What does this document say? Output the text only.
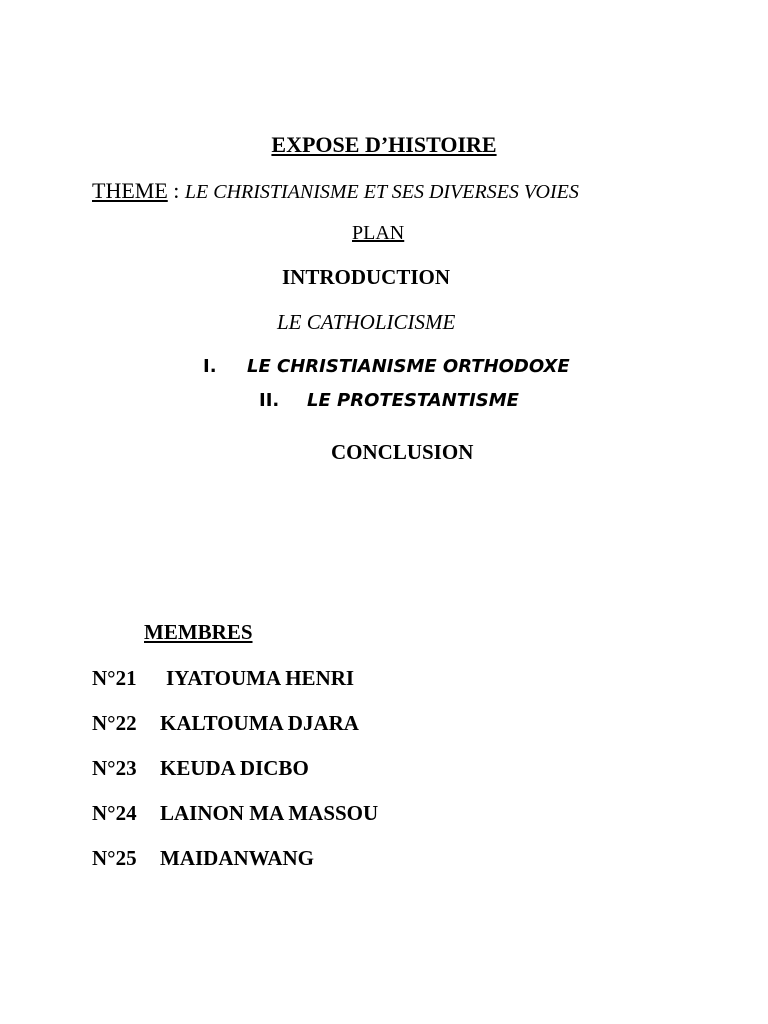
EXPOSE D’HISTOIRE
THEME : LE CHRISTIANISME ET SES DIVERSES VOIES
PLAN
INTRODUCTION
LE CATHOLICISME
I. LE CHRISTIANISME ORTHODOXE
II. LE PROTESTANTISME
CONCLUSION
MEMBRES
N°21 IYATOUMA HENRI
N°22 KALTOUMA DJARA
N°23 KEUDA DICBO
N°24 LAINON MA MASSOU
N°25 MAIDANWANG
